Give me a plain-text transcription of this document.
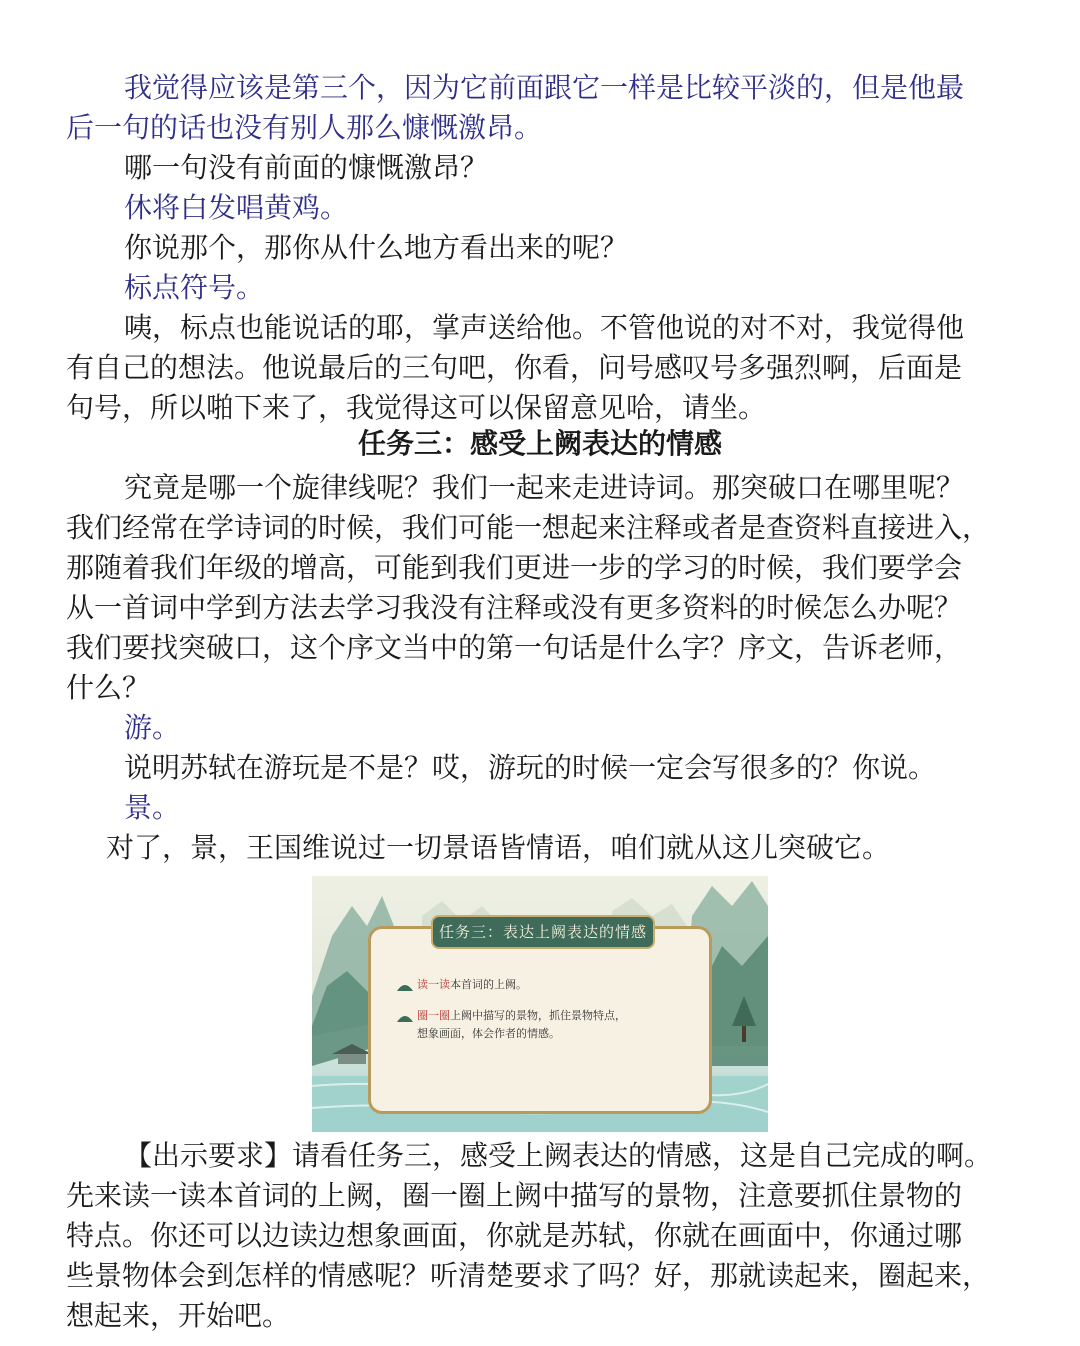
我觉得应该是第三个，因为它前面跟它一样是比较平淡的，但是他最

后一句的话也没有别人那么慷慨激昂。

哪一句没有前面的慷慨激昂？

休将白发唱黄鸡。

你说那个，那你从什么地方看出来的呢？

标点符号。

咦，标点也能说话的耶，掌声送给他。不管他说的对不对，我觉得他

有自己的想法。他说最后的三句吧，你看，问号感叹号多强烈啊，后面是

句号，所以啪下来了，我觉得这可以保留意见哈，请坐。

任务三：感受上阙表达的情感

究竟是哪一个旋律线呢？我们一起来走进诗词。那突破口在哪里呢？

我们经常在学诗词的时候，我们可能一想起来注释或者是查资料直接进入，

那随着我们年级的增高，可能到我们更进一步的学习的时候，我们要学会

从一首词中学到方法去学习我没有注释或没有更多资料的时候怎么办呢？

我们要找突破口，这个序文当中的第一句话是什么字？序文，告诉老师，

什么？

游。

说明苏轼在游玩是不是？哎，游玩的时候一定会写很多的？你说。

景。

对了，景，王国维说过一切景语皆情语，咱们就从这儿突破它。

任务三：表达上阙表达的情感
读一读本首词的上阙。
圈一圈上阙中描写的景物，抓住景物特点，
想象画面，体会作者的情感。

【出示要求】请看任务三，感受上阙表达的情感，这是自己完成的啊。

先来读一读本首词的上阙，圈一圈上阙中描写的景物，注意要抓住景物的

特点。你还可以边读边想象画面，你就是苏轼，你就在画面中，你通过哪

些景物体会到怎样的情感呢？听清楚要求了吗？好，那就读起来，圈起来，

想起来，开始吧。
